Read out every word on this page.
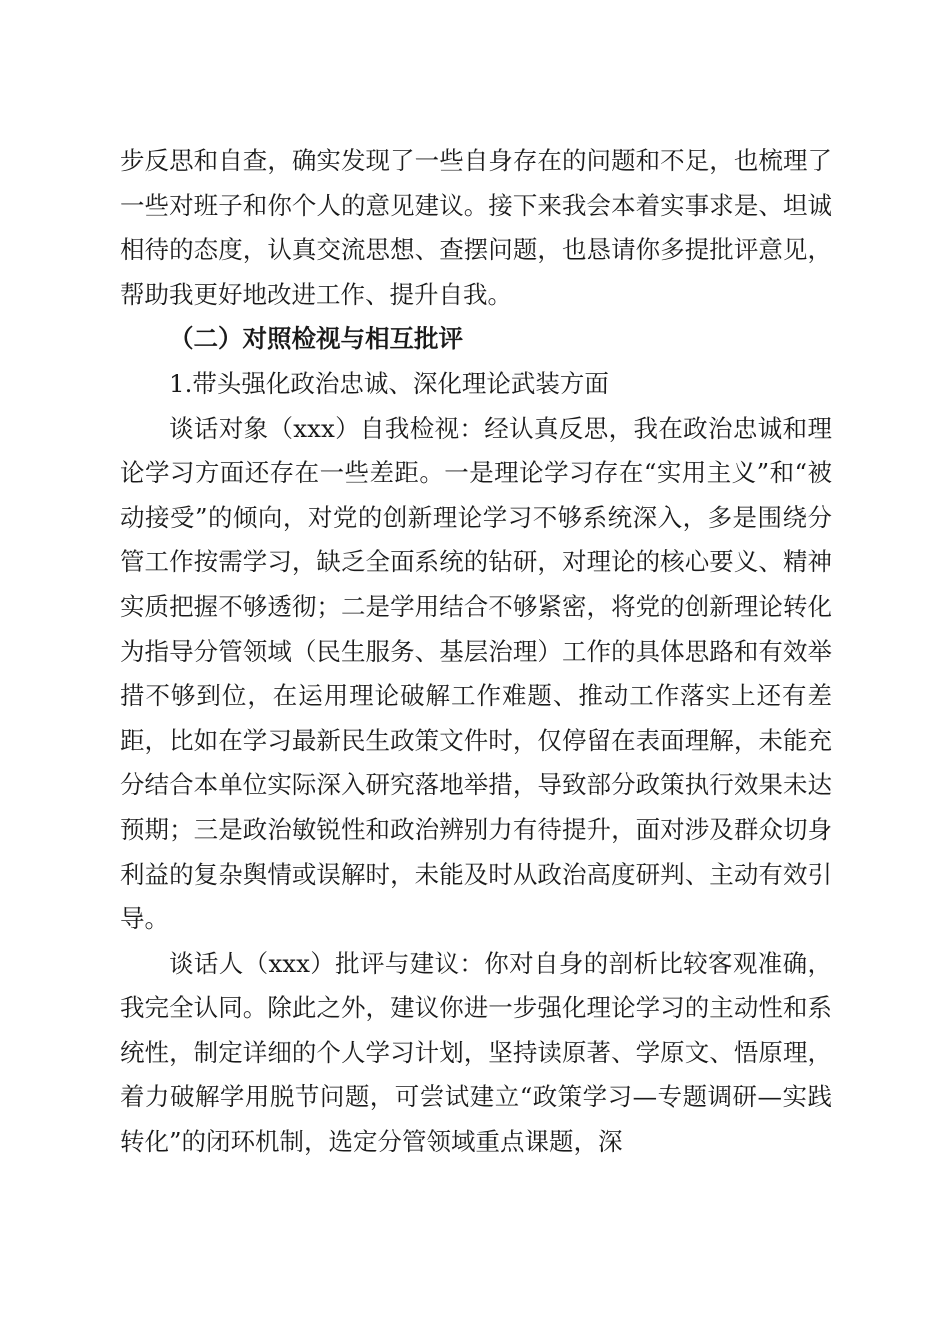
步反思和自查，确实发现了一些自身存在的问题和不足，也梳理了一些对班子和你个人的意见建议。接下来我会本着实事求是、坦诚相待的态度，认真交流思想、查摆问题，也恳请你多提批评意见，帮助我更好地改进工作、提升自我。

（二）对照检视与相互批评

1.带头强化政治忠诚、深化理论武装方面

谈话对象（xxx）自我检视：经认真反思，我在政治忠诚和理论学习方面还存在一些差距。一是理论学习存在“实用主义”和“被动接受”的倾向，对党的创新理论学习不够系统深入，多是围绕分管工作按需学习，缺乏全面系统的钻研，对理论的核心要义、精神实质把握不够透彻；二是学用结合不够紧密，将党的创新理论转化为指导分管领域（民生服务、基层治理）工作的具体思路和有效举措不够到位，在运用理论破解工作难题、推动工作落实上还有差距，比如在学习最新民生政策文件时，仅停留在表面理解，未能充分结合本单位实际深入研究落地举措，导致部分政策执行效果未达预期；三是政治敏锐性和政治辨别力有待提升，面对涉及群众切身利益的复杂舆情或误解时，未能及时从政治高度研判、主动有效引导。

谈话人（xxx）批评与建议：你对自身的剖析比较客观准确，我完全认同。除此之外，建议你进一步强化理论学习的主动性和系统性，制定详细的个人学习计划，坚持读原著、学原文、悟原理，着力破解学用脱节问题，可尝试建立“政策学习—专题调研—实践转化”的闭环机制，选定分管领域重点课题，深
